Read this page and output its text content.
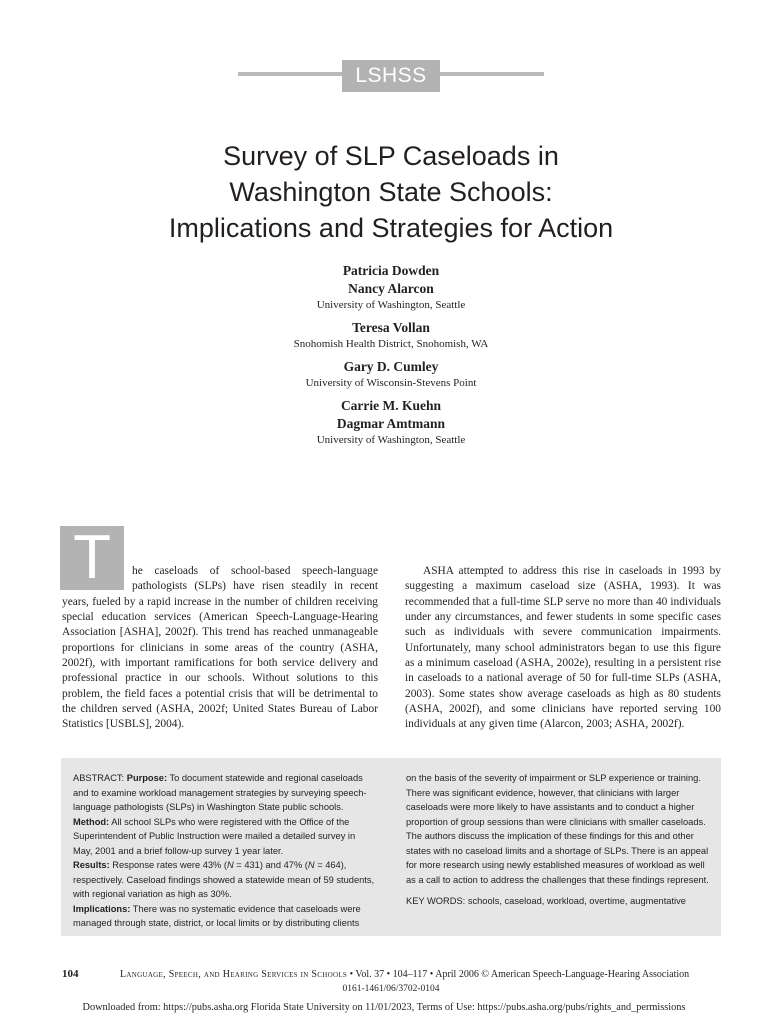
LSHSS
Survey of SLP Caseloads in
Washington State Schools:
Implications and Strategies for Action
Patricia Dowden
Nancy Alarcon
University of Washington, Seattle
Teresa Vollan
Snohomish Health District, Snohomish, WA
Gary D. Cumley
University of Wisconsin-Stevens Point
Carrie M. Kuehn
Dagmar Amtmann
University of Washington, Seattle
T	he caseloads of school-based speech-language pathologists (SLPs) have risen steadily in recent years, fueled by a rapid increase in the number of children receiving special education services (American Speech-Language-Hearing Association [ASHA], 2002f). This trend has reached unmanageable proportions for clinicians in some areas of the country (ASHA, 2002f), with important ramifications for both service delivery and professional practice in our schools. Without solutions to this problem, the field faces a potential crisis that will be detrimental to the children served (ASHA, 2002f; United States Bureau of Labor Statistics [USBLS], 2004).
ASHA attempted to address this rise in caseloads in 1993 by suggesting a maximum caseload size (ASHA, 1993). It was recommended that a full-time SLP serve no more than 40 individuals under any circumstances, and fewer students in some specific cases such as individuals with severe communication impairments. Unfortunately, many school administrators began to use this figure as a minimum caseload (ASHA, 2002e), resulting in a persistent rise in caseloads to a national average of 50 for full-time SLPs (ASHA, 2003). Some states show average caseloads as high as 80 students (ASHA, 2002f), and some clinicians have reported serving 100 individuals at any given time (Alarcon, 2003; ASHA, 2002f).

ABSTRACT: Purpose: To document statewide and regional caseloads and to examine workload management strategies by surveying speech-language pathologists (SLPs) in Washington State public schools.

Method: All school SLPs who were registered with the Office of the Superintendent of Public Instruction were mailed a detailed survey in May, 2001 and a brief follow-up survey 1 year later.

Results: Response rates were 43% (N = 431) and 47% (N = 464), respectively. Caseload findings showed a statewide mean of 59 students, with regional variation as high as 30%.

Implications: There was no systematic evidence that caseloads were managed through state, district, or local limits or by distributing clients

on the basis of the severity of impairment or SLP experience or training. There was significant evidence, however, that clinicians with larger caseloads were more likely to have assistants and to conduct a higher proportion of group sessions than were clinicians with smaller caseloads. The authors discuss the implication of these findings for this and other states with no caseload limits and a shortage of SLPs. There is an appeal for more research using newly established measures of workload as well as a call to action to address the challenges that these findings represent.

KEY WORDS: schools, caseload, workload, overtime, augmentative

104	Language, Speech, and Hearing Services in Schools • Vol. 37 • 104–117 • April 2006 © American Speech-Language-Hearing Association
0161-1461/06/3702-0104
Downloaded from: https://pubs.asha.org Florida State University on 11/01/2023, Terms of Use: https://pubs.asha.org/pubs/rights_and_permissions
